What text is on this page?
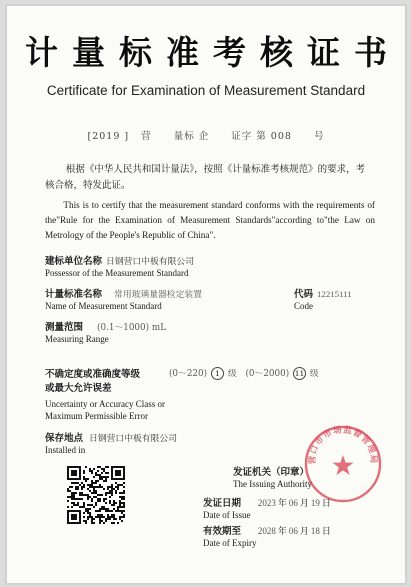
计量标准考核证书
Certificate for Examination of Measurement Standard
[2019 ] 营 量标 企 证字 第 008 号
根据《中华人民共和国计量法》，按照《计量标准考核规范》的要求，考核合格，特发此证。
This is to certify that the measurement standard conforms with the requirements of the"Rule for the Examination of Measurement Standards"according to"the Law on Metrology of the People's Republic of China".
建标单位名称 日钢营口中板有限公司
Possessor of the Measurement Standard
计量标准名称 常用玻璃量器检定装置
Name of Measurement Standard
代码 12215111
Code
测量范围 (0.1～1000) mL
Measuring Range
不确定度或准确度等级
或最大允许误差
Uncertainty or Accuracy Class or
Maximum Permissible Error
(0～220) 1 级 (0～2000) 11 级
保存地点 日钢营口中板有限公司
Installed in
营口市市场监督管理局
发证机关（印章）
The Issuing Authority
发证日期 2023 年 06 月 19 日
Date of Issue
有效期至 2028 年 06 月 18 日
Date of Expiry
